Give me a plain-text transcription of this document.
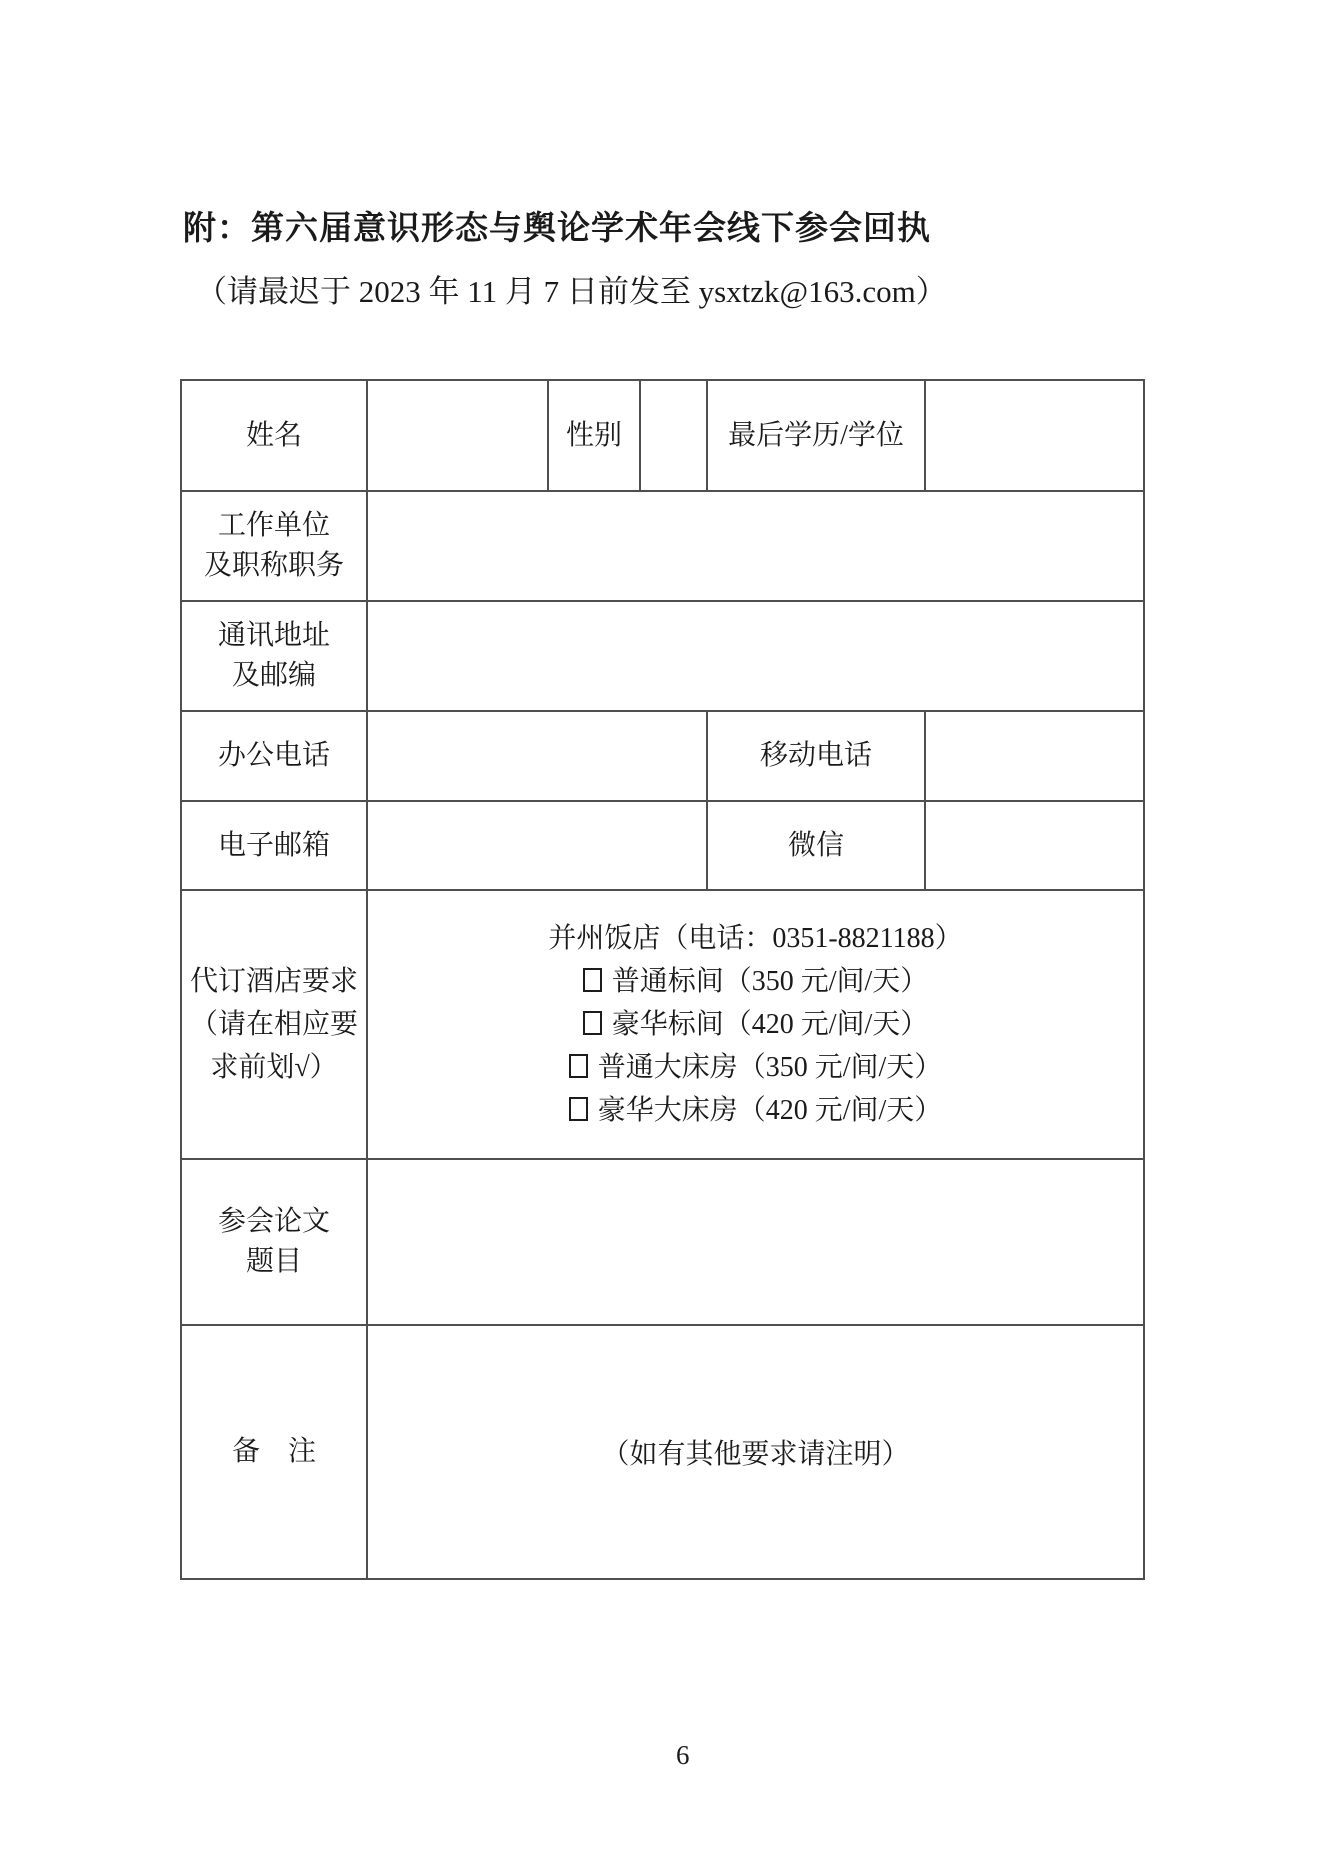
附：第六届意识形态与舆论学术年会线下参会回执
（请最迟于 2023 年 11 月 7 日前发至 ysxtzk@163.com）
姓名		性别		最后学历/学位	

工作单位
及职称职务					

通讯地址
及邮编					

办公电话				移动电话	
电子邮箱				微信	

代订酒店要求
（请在相应要
求前划√）

并州饭店（电话：0351-8821188）
普通标间（350 元/间/天）
豪华标间（420 元/间/天）
普通大床房（350 元/间/天）
豪华大床房（420 元/间/天）

参会论文
题目					

备　注	（如有其他要求请注明）				
6
